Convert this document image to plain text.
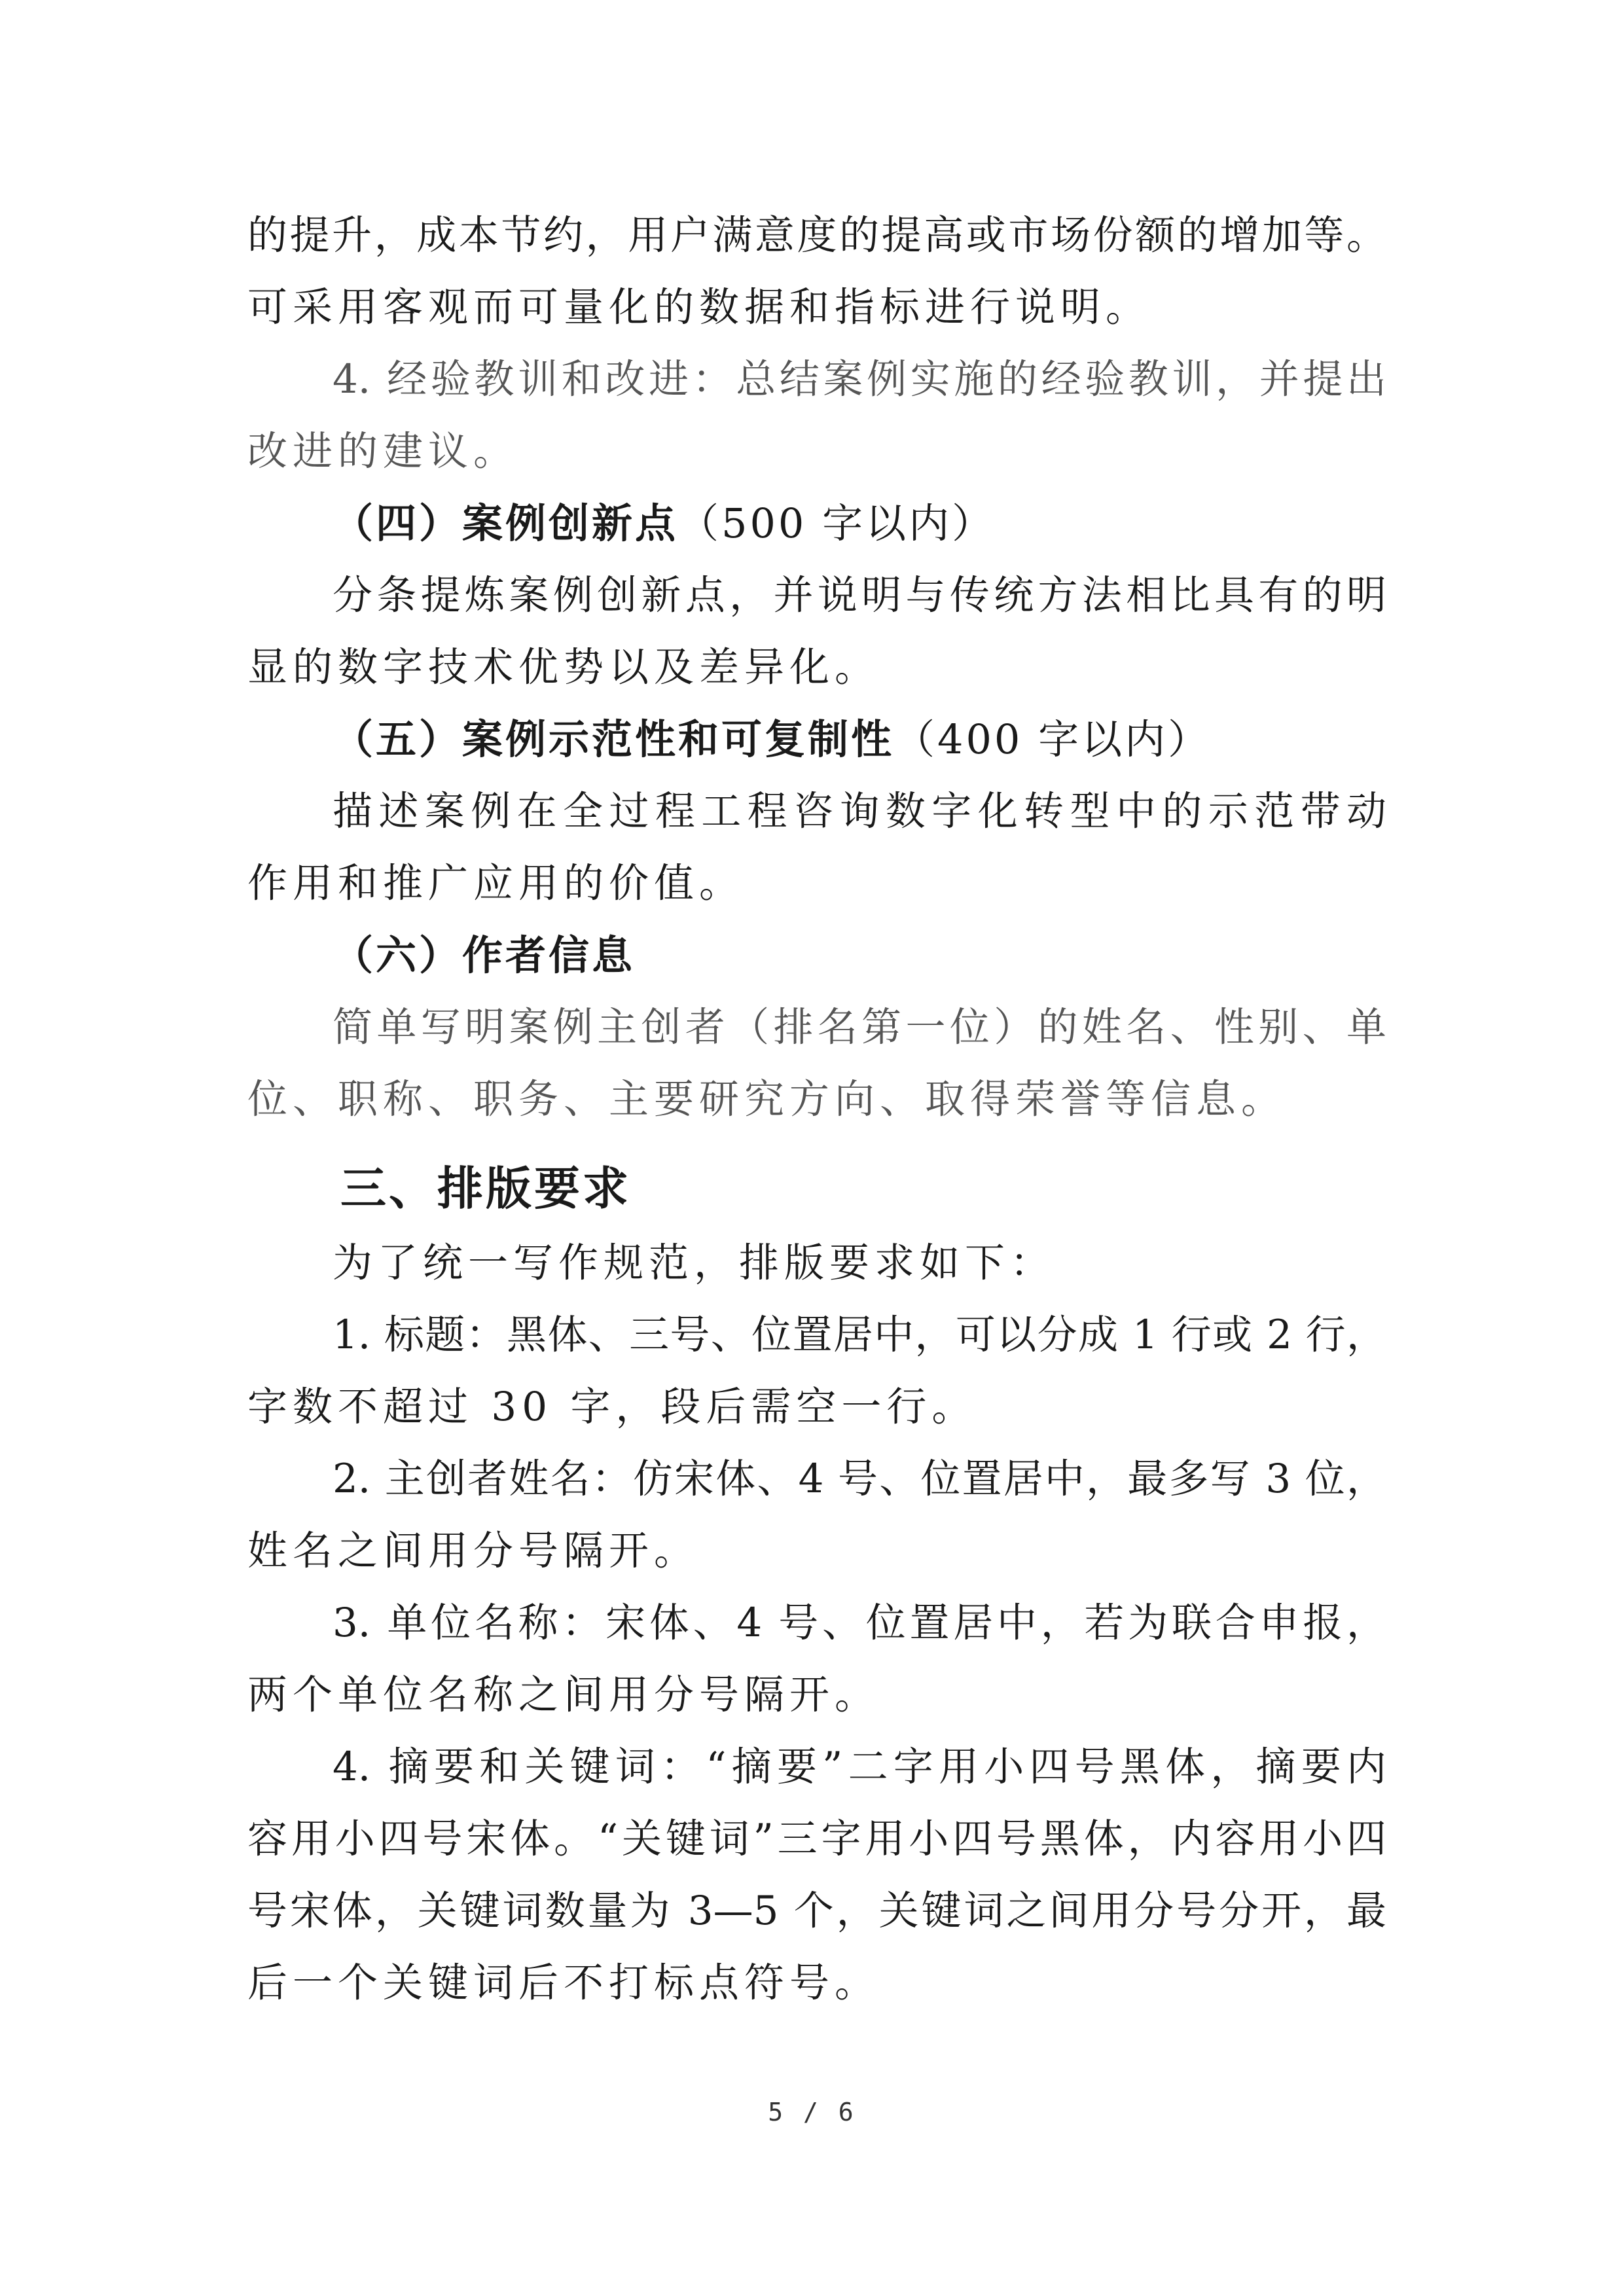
的提升，成本节约，用户满意度的提高或市场份额的增加等。
可采用客观而可量化的数据和指标进行说明。
4. 经验教训和改进：总结案例实施的经验教训，并提出
改进的建议。
（四）案例创新点（500 字以内）
分条提炼案例创新点，并说明与传统方法相比具有的明
显的数字技术优势以及差异化。
（五）案例示范性和可复制性（400 字以内）
描述案例在全过程工程咨询数字化转型中的示范带动
作用和推广应用的价值。
（六）作者信息
简单写明案例主创者（排名第一位）的姓名、性别、单
位、职称、职务、主要研究方向、取得荣誉等信息。
三、排版要求
为了统一写作规范，排版要求如下：
1. 标题：黑体、三号、位置居中，可以分成 1 行或 2 行，
字数不超过 30 字，段后需空一行。
2. 主创者姓名：仿宋体、4 号、位置居中，最多写 3 位，
姓名之间用分号隔开。
3. 单位名称：宋体、4 号、位置居中，若为联合申报，
两个单位名称之间用分号隔开。
4. 摘要和关键词：“摘要”二字用小四号黑体，摘要内
容用小四号宋体。“关键词”三字用小四号黑体，内容用小四
号宋体，关键词数量为 3—5 个，关键词之间用分号分开，最
后一个关键词后不打标点符号。
5 / 6
